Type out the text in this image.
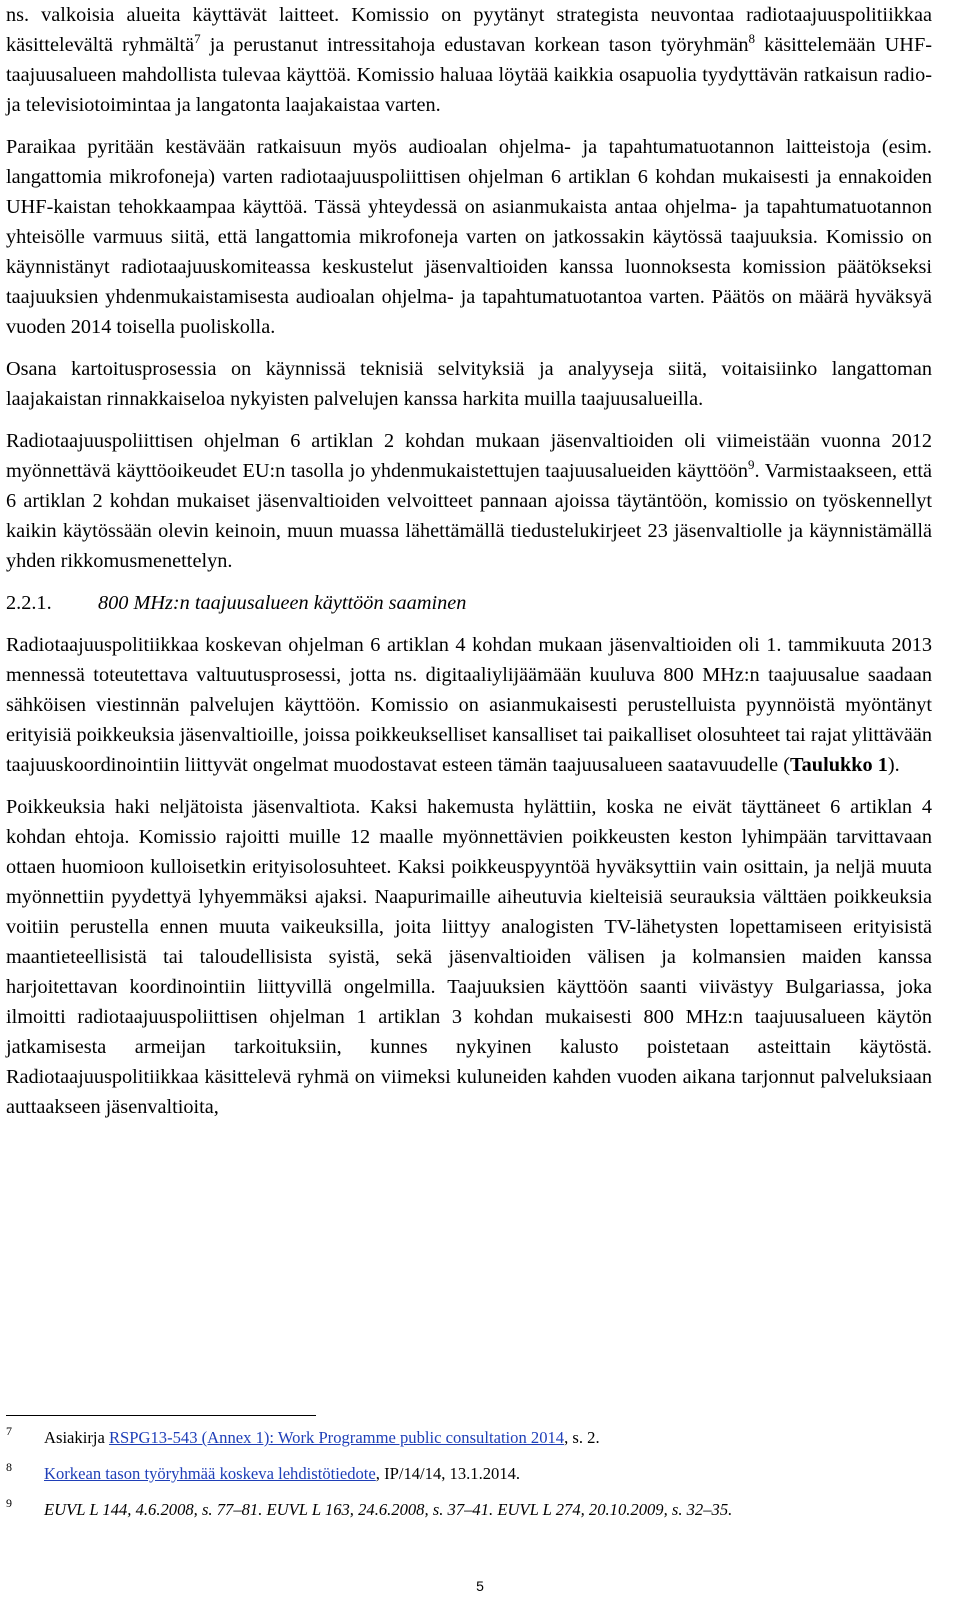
ns. valkoisia alueita käyttävät laitteet. Komissio on pyytänyt strategista neuvontaa radiotaajuuspolitiikkaa käsittelevältä ryhmältä$^7$ ja perustanut intressitahoja edustavan korkean tason työryhmän$^8$ käsittelemään UHF-taajuusalueen mahdollista tulevaa käyttöä. Komissio haluaa löytää kaikkia osapuolia tyydyttävän ratkaisun radio- ja televisiotoimintaa ja langatonta laajakaistaa varten.

Paraikaa pyritään kestävään ratkaisuun myös audioalan ohjelma- ja tapahtumatuotannon laitteistoja (esim. langattomia mikrofoneja) varten radiotaajuuspoliittisen ohjelman 6 artiklan 6 kohdan mukaisesti ja ennakoiden UHF-kaistan tehokkaampaa käyttöä. Tässä yhteydessä on asianmukaista antaa ohjelma- ja tapahtumatuotannon yhteisölle varmuus siitä, että langattomia mikrofoneja varten on jatkossakin käytössä taajuuksia. Komissio on käynnistänyt radiotaajuuskomiteassa keskustelut jäsenvaltioiden kanssa luonnoksesta komission päätökseksi taajuuksien yhdenmukaistamisesta audioalan ohjelma- ja tapahtumatuotantoa varten. Päätös on määrä hyväksyä vuoden 2014 toisella puoliskolla.

Osana kartoitusprosessia on käynnissä teknisiä selvityksiä ja analyyseja siitä, voitaisiinko langattoman laajakaistan rinnakkaiseloa nykyisten palvelujen kanssa harkita muilla taajuusalueilla.

Radiotaajuuspoliittisen ohjelman 6 artiklan 2 kohdan mukaan jäsenvaltioiden oli viimeistään vuonna 2012 myönnettävä käyttöoikeudet EU:n tasolla jo yhdenmukaistettujen taajuusalueiden käyttöön$^9$. Varmistaakseen, että 6 artiklan 2 kohdan mukaiset jäsenvaltioiden velvoitteet pannaan ajoissa täytäntöön, komissio on työskennellyt kaikin käytössään olevin keinoin, muun muassa lähettämällä tiedustelukirjeet 23 jäsenvaltiolle ja käynnistämällä yhden rikkomusmenettelyn.

2.2.1.	800 MHz:n taajuusalueen käyttöön saaminen

Radiotaajuuspolitiikkaa koskevan ohjelman 6 artiklan 4 kohdan mukaan jäsenvaltioiden oli 1. tammikuuta 2013 mennessä toteutettava valtuutusprosessi, jotta ns. digitaaliylijäämään kuuluva 800 MHz:n taajuusalue saadaan sähköisen viestinnän palvelujen käyttöön. Komissio on asianmukaisesti perustelluista pyynnöistä myöntänyt erityisiä poikkeuksia jäsenvaltioille, joissa poikkeukselliset kansalliset tai paikalliset olosuhteet tai rajat ylittävään taajuuskoordinointiin liittyvät ongelmat muodostavat esteen tämän taajuusalueen saatavuudelle (Taulukko 1).

Poikkeuksia haki neljätoista jäsenvaltiota. Kaksi hakemusta hylättiin, koska ne eivät täyttäneet 6 artiklan 4 kohdan ehtoja. Komissio rajoitti muille 12 maalle myönnettävien poikkeusten keston lyhimpään tarvittavaan ottaen huomioon kulloisetkin erityisolosuhteet. Kaksi poikkeuspyyntöä hyväksyttiin vain osittain, ja neljä muuta myönnettiin pyydettyä lyhyemmäksi ajaksi. Naapurimaille aiheutuvia kielteisiä seurauksia välttäen poikkeuksia voitiin perustella ennen muuta vaikeuksilla, joita liittyy analogisten TV-lähetysten lopettamiseen erityisistä maantieteellisistä tai taloudellisista syistä, sekä jäsenvaltioiden välisen ja kolmansien maiden kanssa harjoitettavan koordinointiin liittyvillä ongelmilla. Taajuuksien käyttöön saanti viivästyy Bulgariassa, joka ilmoitti radiotaajuuspoliittisen ohjelman 1 artiklan 3 kohdan mukaisesti 800 MHz:n taajuusalueen käytön jatkamisesta armeijan tarkoituksiin, kunnes nykyinen kalusto poistetaan asteittain käytöstä. Radiotaajuuspolitiikkaa käsittelevä ryhmä on viimeksi kuluneiden kahden vuoden aikana tarjonnut palveluksiaan auttaakseen jäsenvaltioita,

7	Asiakirja RSPG13-543 (Annex 1): Work Programme public consultation 2014, s. 2.
8	Korkean tason työryhmää koskeva lehdistötiedote, IP/14/14, 13.1.2014.
9	EUVL L 144, 4.6.2008, s. 77–81. EUVL L 163, 24.6.2008, s. 37–41. EUVL L 274, 20.10.2009, s. 32–35.
5
